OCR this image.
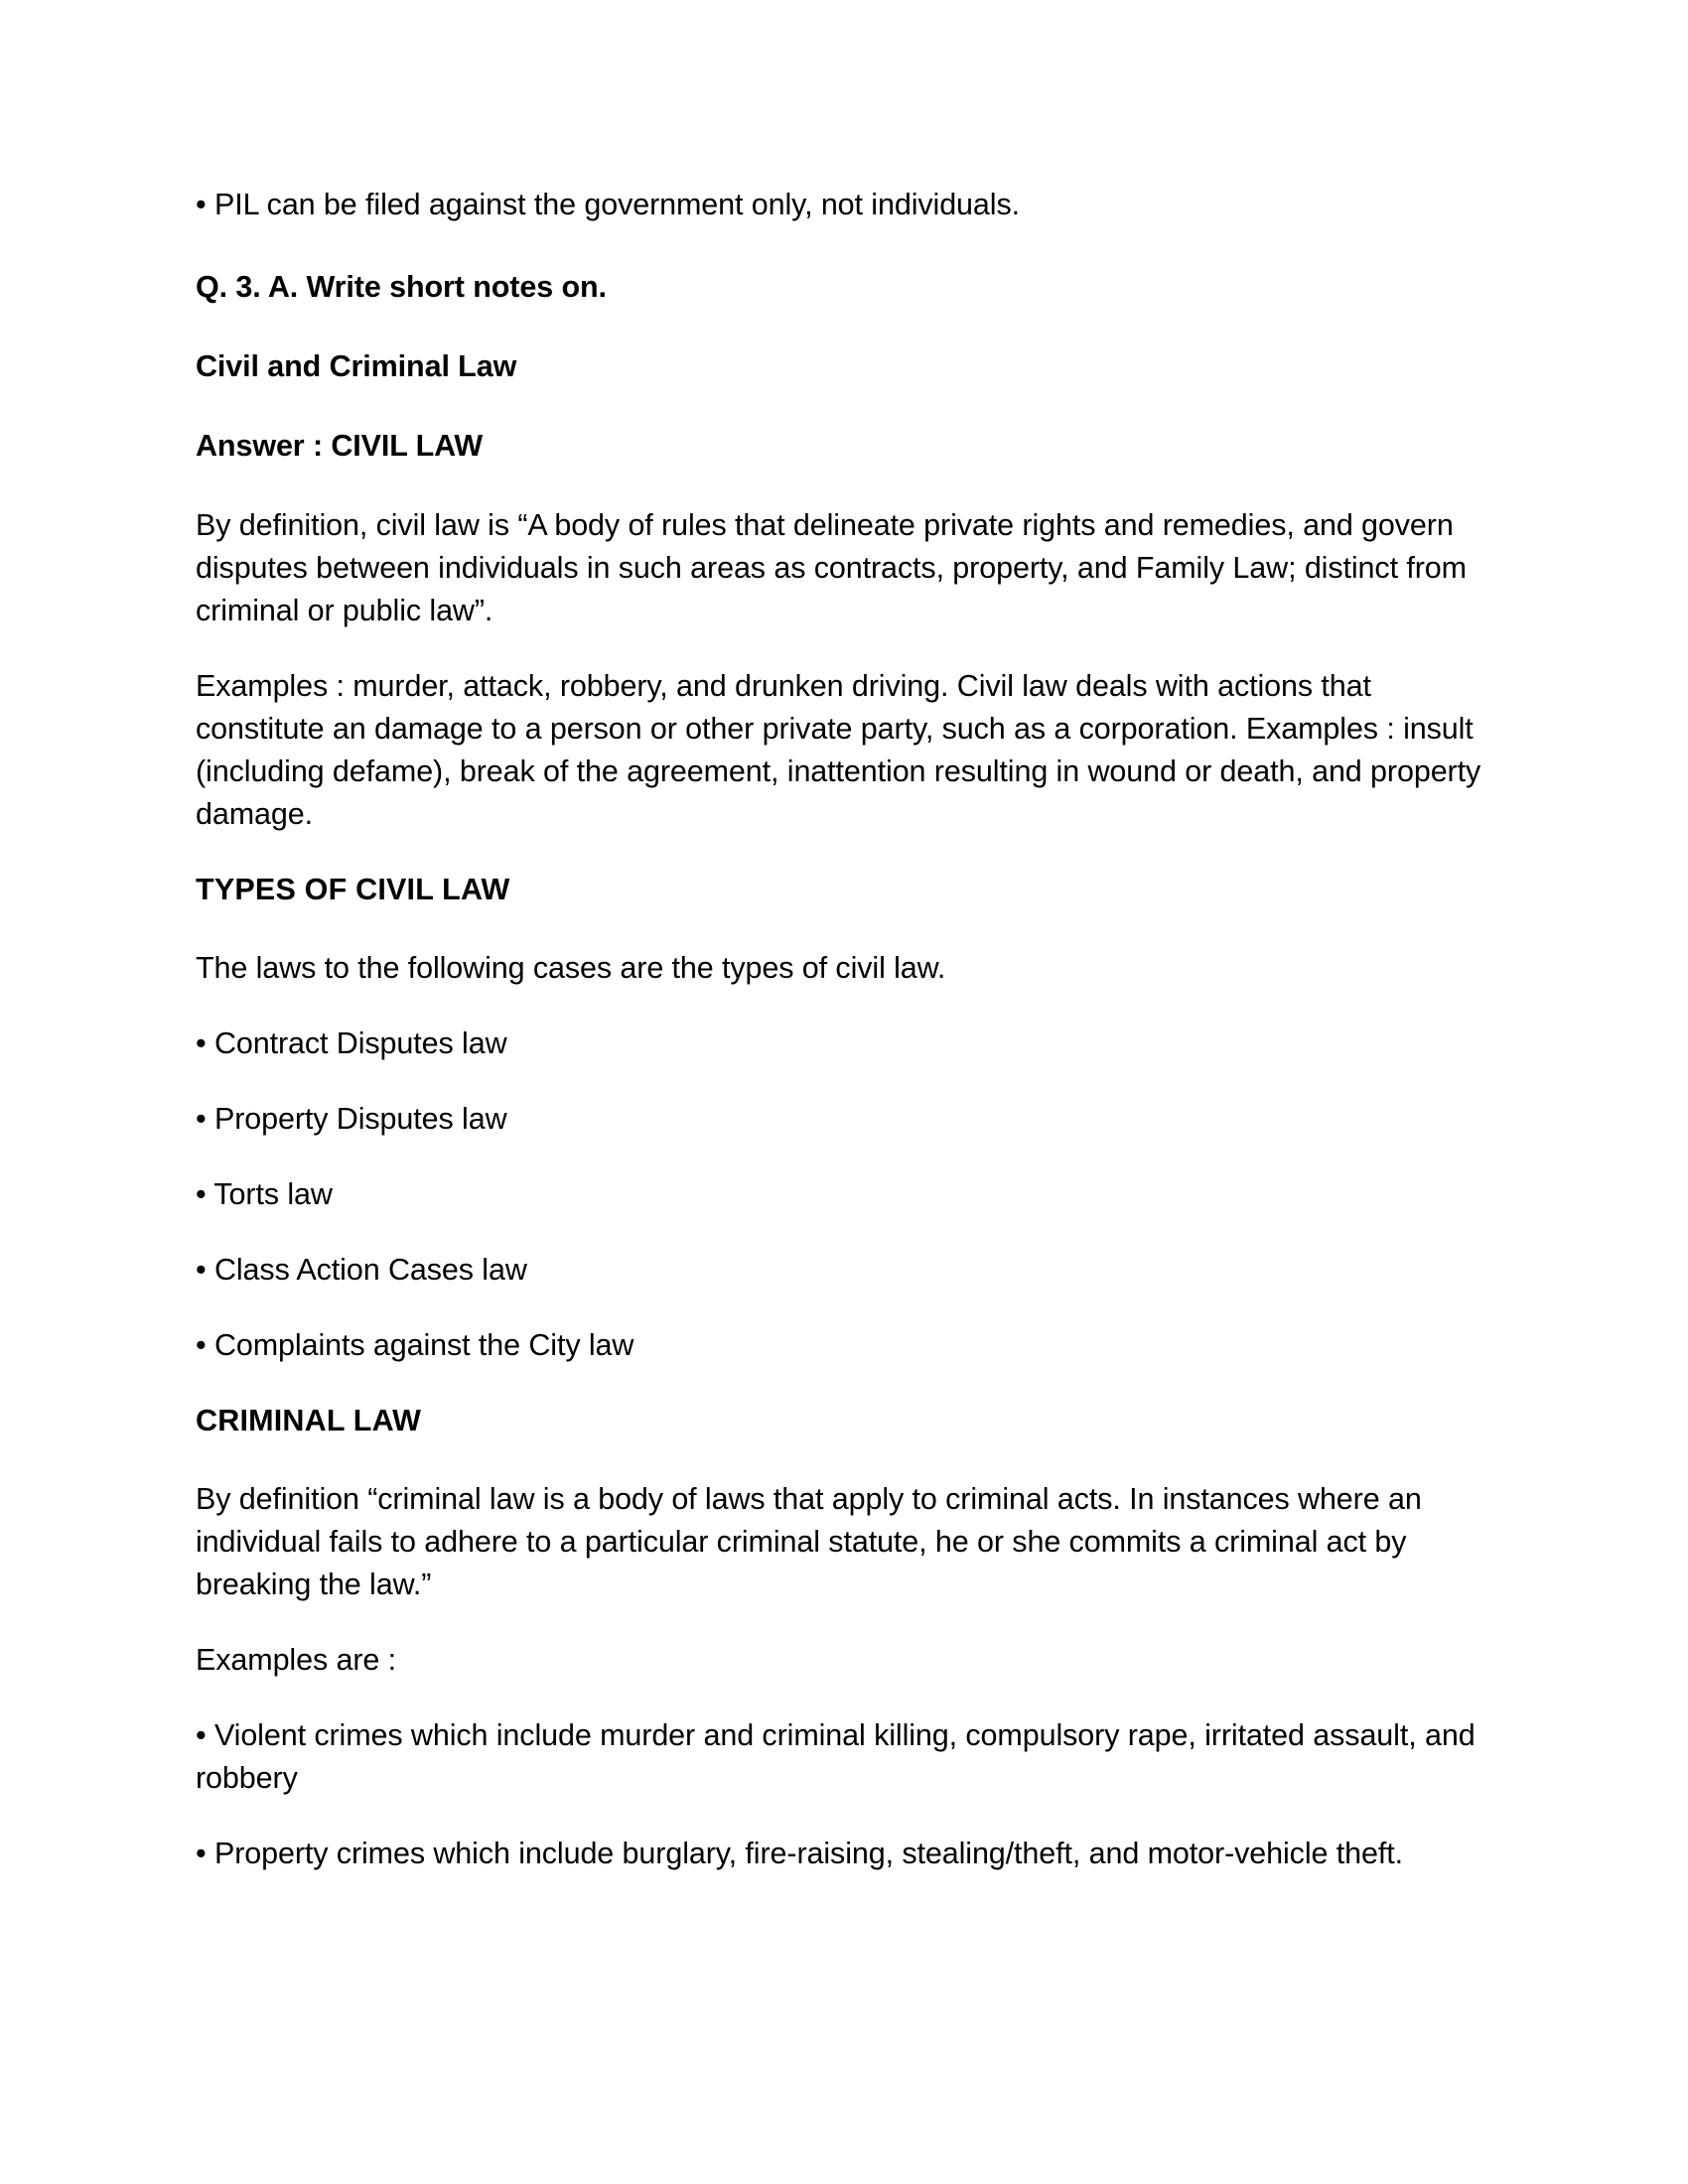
• PIL can be filed against the government only, not individuals.

Q. 3. A. Write short notes on.
Civil and Criminal Law
Answer : CIVIL LAW

By definition, civil law is “A body of rules that delineate private rights and remedies, and govern disputes between individuals in such areas as contracts, property, and Family Law; distinct from criminal or public law”.

Examples : murder, attack, robbery, and drunken driving. Civil law deals with actions that constitute an damage to a person or other private party, such as a corporation. Examples : insult (including defame), break of the agreement, inattention resulting in wound or death, and property damage.

TYPES OF CIVIL LAW

The laws to the following cases are the types of civil law.

• Contract Disputes law
• Property Disputes law
• Torts law
• Class Action Cases law
• Complaints against the City law
CRIMINAL LAW

By definition “criminal law is a body of laws that apply to criminal acts. In instances where an individual fails to adhere to a particular criminal statute, he or she commits a criminal act by breaking the law.”

Examples are :

• Violent crimes which include murder and criminal killing, compulsory rape, irritated assault, and robbery
• Property crimes which include burglary, fire-raising, stealing/theft, and motor-vehicle theft.
